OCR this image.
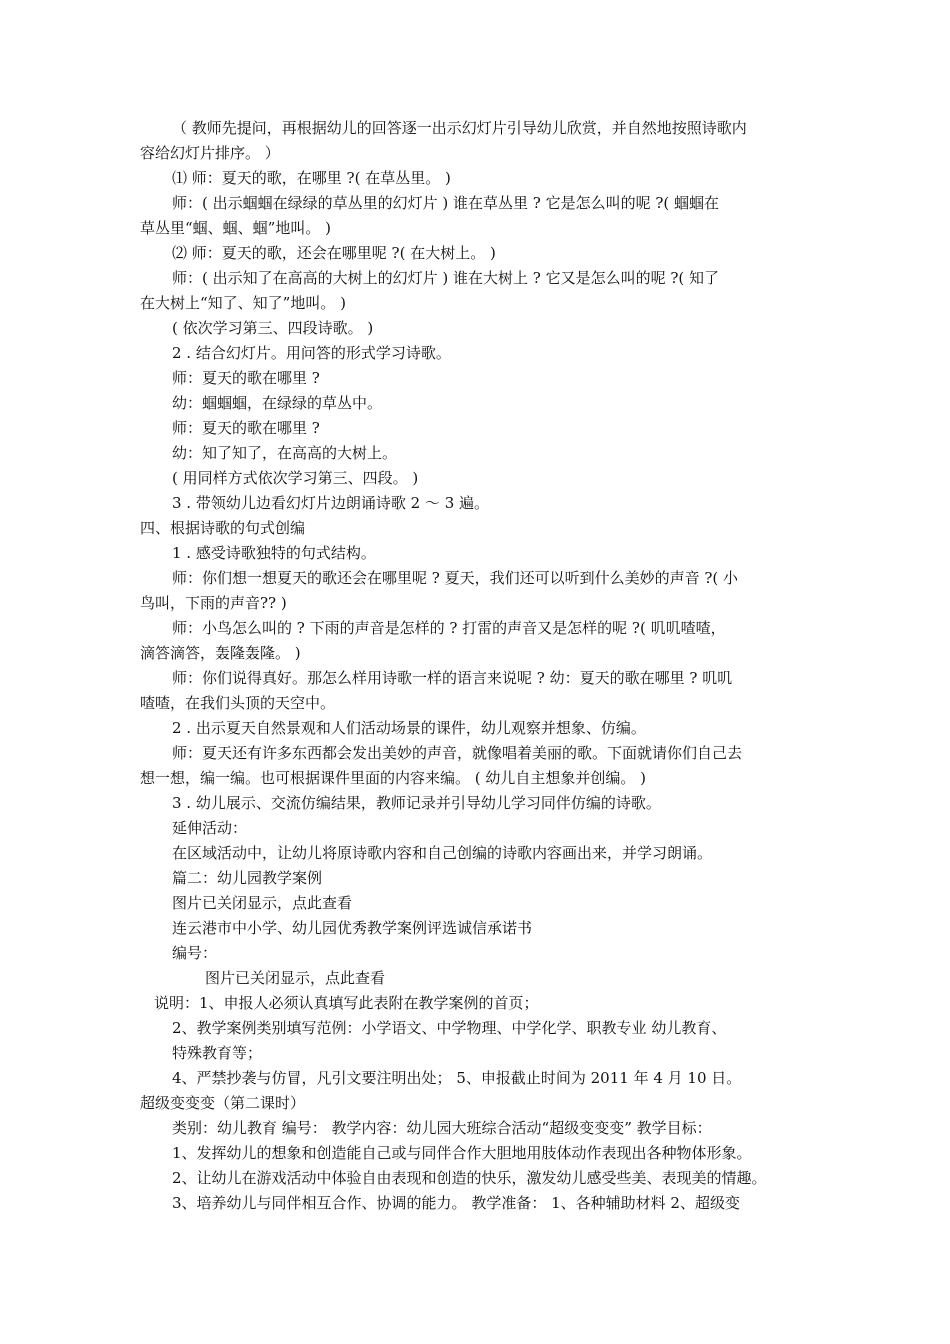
（ 教师先提问，再根据幼儿的回答逐一出示幻灯片引导幼儿欣赏，并自然地按照诗歌内
容给幻灯片排序。 ）
⑴ 师：夏天的歌，在哪里 ?( 在草丛里。 )
师：( 出示蝈蝈在绿绿的草丛里的幻灯片 ) 谁在草丛里 ? 它是怎么叫的呢 ?( 蝈蝈在
草丛里“蝈、蝈、蝈”地叫。 )
⑵ 师：夏天的歌，还会在哪里呢 ?( 在大树上。 )
师：( 出示知了在高高的大树上的幻灯片 ) 谁在大树上 ? 它又是怎么叫的呢 ?( 知了
在大树上“知了、知了”地叫。 )
( 依次学习第三、四段诗歌。 )
2 . 结合幻灯片。用问答的形式学习诗歌。
师：夏天的歌在哪里 ?
幼：蝈蝈蝈，在绿绿的草丛中。
师：夏天的歌在哪里 ?
幼：知了知了，在高高的大树上。
( 用同样方式依次学习第三、四段。 )
3 . 带领幼儿边看幻灯片边朗诵诗歌 2 ～ 3 遍。
四、根据诗歌的句式创编
1 . 感受诗歌独特的句式结构。
师：你们想一想夏天的歌还会在哪里呢 ? 夏天，我们还可以听到什么美妙的声音 ?( 小
鸟叫，下雨的声音?? )
师：小鸟怎么叫的 ? 下雨的声音是怎样的 ? 打雷的声音又是怎样的呢 ?( 叽叽喳喳，
滴答滴答，轰隆轰隆。 )
师：你们说得真好。那怎么样用诗歌一样的语言来说呢 ? 幼：夏天的歌在哪里 ? 叽叽
喳喳，在我们头顶的天空中。
2 . 出示夏天自然景观和人们活动场景的课件，幼儿观察并想象、仿编。
师：夏天还有许多东西都会发出美妙的声音，就像唱着美丽的歌。下面就请你们自己去
想一想，编一编。也可根据课件里面的内容来编。 ( 幼儿自主想象并创编。 )
3 . 幼儿展示、交流仿编结果，教师记录并引导幼儿学习同伴仿编的诗歌。
延伸活动：
在区域活动中，让幼儿将原诗歌内容和自己创编的诗歌内容画出来，并学习朗诵。
篇二：幼儿园教学案例
图片已关闭显示，点此查看
连云港市中小学、幼儿园优秀教学案例评选诚信承诺书
编号：
图片已关闭显示，点此查看
说明：1、申报人必须认真填写此表附在教学案例的首页；
2、教学案例类别填写范例：小学语文、中学物理、中学化学、职教专业 幼儿教育、
特殊教育等；
4、严禁抄袭与仿冒，凡引文要注明出处； 5、申报截止时间为 2011 年 4 月 10 日。
超级变变变（第二课时）
类别：幼儿教育 编号： 教学内容：幼儿园大班综合活动“超级变变变” 教学目标：
1、发挥幼儿的想象和创造能自己或与同伴合作大胆地用肢体动作表现出各种物体形象。
2、让幼儿在游戏活动中体验自由表现和创造的快乐，激发幼儿感受些美、表现美的情趣。
3、培养幼儿与同伴相互合作、协调的能力。 教学准备： 1、各种辅助材料 2、超级变
